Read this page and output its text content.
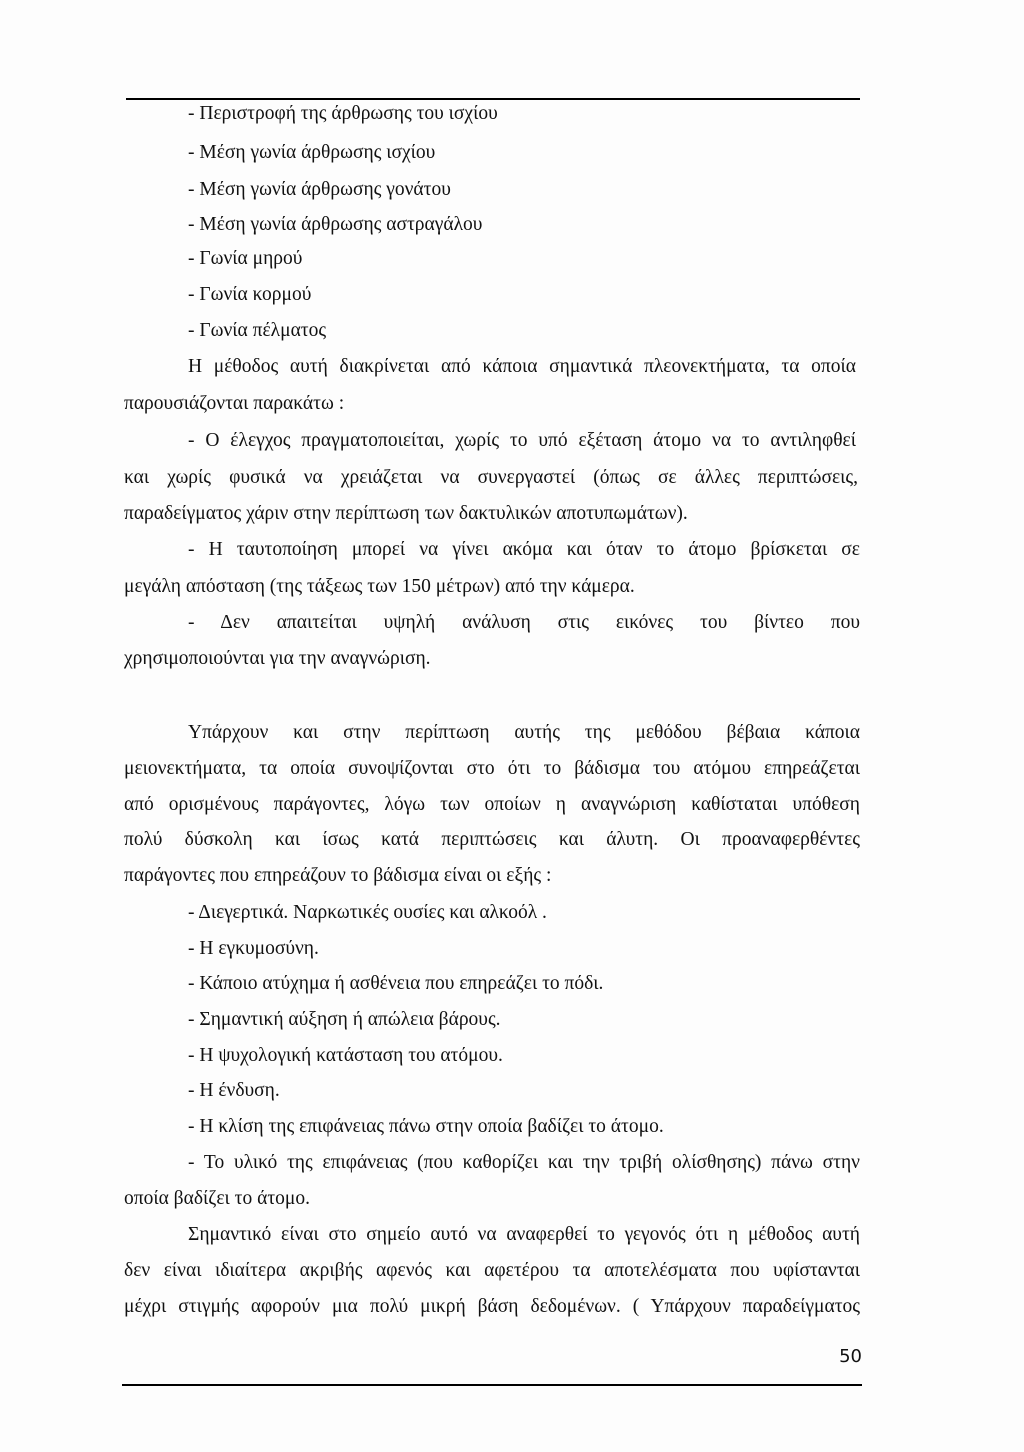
- Περιστροφή της άρθρωσης του ισχίου
- Μέση γωνία άρθρωσης ισχίου
- Μέση γωνία άρθρωσης γονάτου
- Μέση γωνία άρθρωσης αστραγάλου
- Γωνία μηρού
- Γωνία κορμού
- Γωνία πέλματος
Η μέθοδος αυτή διακρίνεται από κάποια σημαντικά πλεονεκτήματα, τα οποία
παρουσιάζονται παρακάτω :
- Ο έλεγχος πραγματοποιείται, χωρίς το υπό εξέταση άτομο να το αντιληφθεί
και χωρίς φυσικά να χρειάζεται να συνεργαστεί (όπως σε άλλες περιπτώσεις,
παραδείγματος χάριν στην περίπτωση των δακτυλικών αποτυπωμάτων).
- Η ταυτοποίηση μπορεί να γίνει ακόμα και όταν το άτομο βρίσκεται σε
μεγάλη απόσταση (της τάξεως των 150 μέτρων) από την κάμερα.
- Δεν απαιτείται υψηλή ανάλυση στις εικόνες του βίντεο που
χρησιμοποιούνται για την αναγνώριση.
Υπάρχουν και στην περίπτωση αυτής της μεθόδου βέβαια κάποια
μειονεκτήματα, τα οποία συνοψίζονται στο ότι το βάδισμα του ατόμου επηρεάζεται
από ορισμένους παράγοντες, λόγω των οποίων η αναγνώριση καθίσταται υπόθεση
πολύ δύσκολη και ίσως κατά περιπτώσεις και άλυτη. Οι προαναφερθέντες
παράγοντες που επηρεάζουν το βάδισμα είναι οι εξής :
- Διεγερτικά. Ναρκωτικές ουσίες και αλκοόλ .
- Η εγκυμοσύνη.
- Κάποιο ατύχημα ή ασθένεια που επηρεάζει το πόδι.
- Σημαντική αύξηση ή απώλεια βάρους.
- Η ψυχολογική κατάσταση του ατόμου.
- Η ένδυση.
- Η κλίση της επιφάνειας πάνω στην οποία βαδίζει το άτομο.
- Το υλικό της επιφάνειας (που καθορίζει και την τριβή ολίσθησης) πάνω στην
οποία βαδίζει το άτομο.
Σημαντικό είναι στο σημείο αυτό να αναφερθεί το γεγονός ότι η μέθοδος αυτή
δεν είναι ιδιαίτερα ακριβής αφενός και αφετέρου τα αποτελέσματα που υφίστανται
μέχρι στιγμής αφορούν μια πολύ μικρή βάση δεδομένων. ( Υπάρχουν παραδείγματος
50
